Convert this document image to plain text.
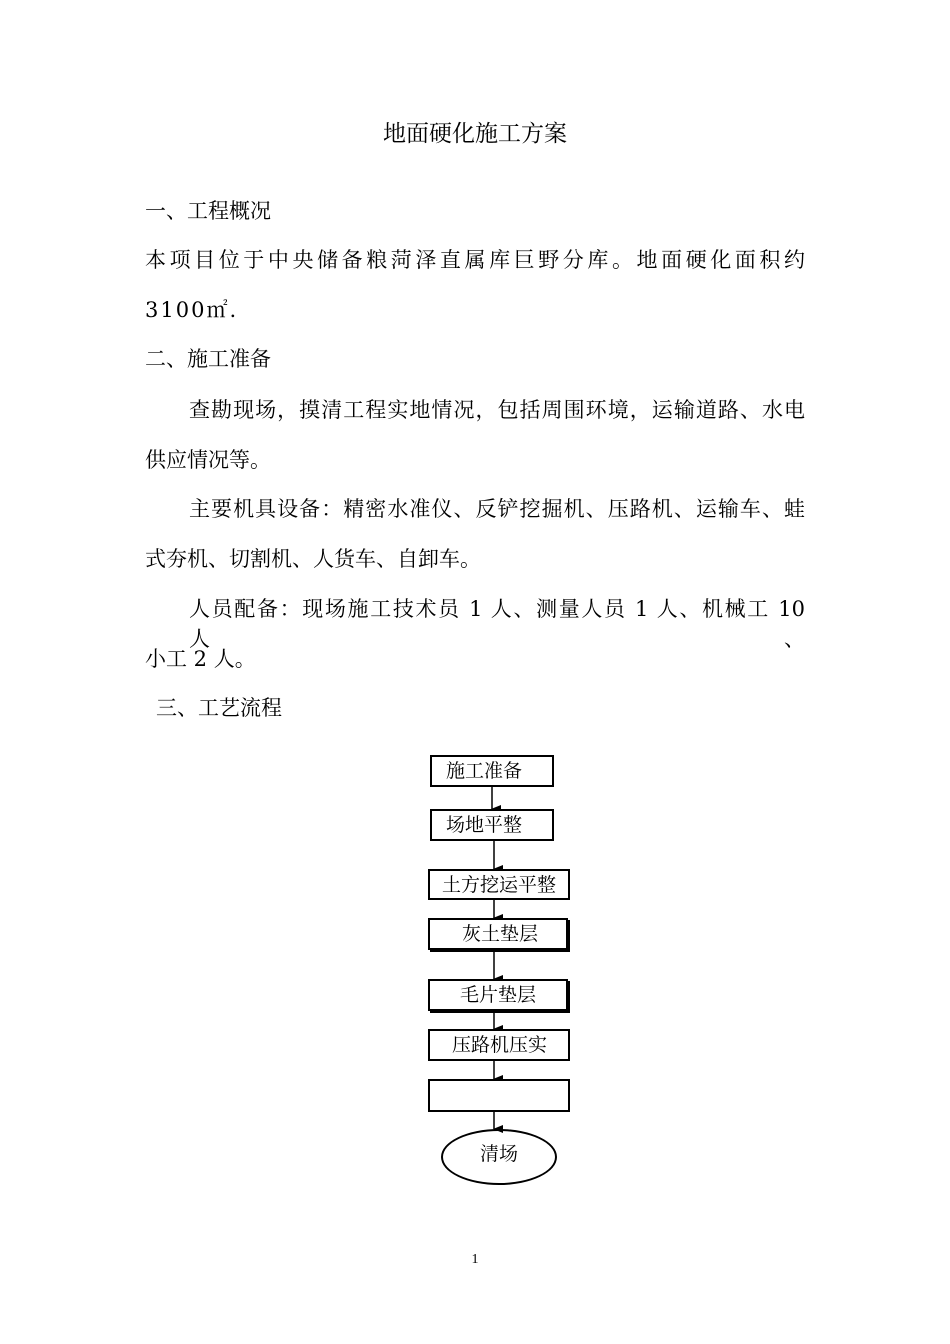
地面硬化施工方案

一、工程概况

本项目位于中央储备粮菏泽直属库巨野分库。地面硬化面积约

3100㎡.

二、施工准备

查勘现场，摸清工程实地情况，包括周围环境，运输道路、水电

供应情况等。

主要机具设备：精密水准仪、反铲挖掘机、压路机、运输车、蛙

式夯机、切割机、人货车、自卸车。

人员配备：现场施工技术员 1 人、测量人员 1 人、机械工 10 人、

小工 2 人。

三、工艺流程

施工准备
场地平整
土方挖运平整
灰土垫层
毛片垫层
压路机压实
清场
1
